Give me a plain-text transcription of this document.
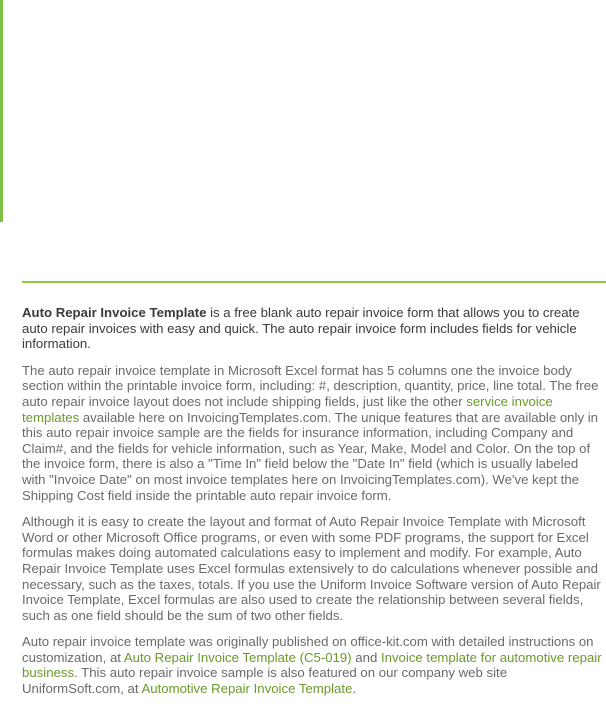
Auto Repair Invoice Template is a free blank auto repair invoice form that allows you to create auto repair invoices with easy and quick. The auto repair invoice form includes fields for vehicle information.

The auto repair invoice template in Microsoft Excel format has 5 columns one the invoice body section within the printable invoice form, including: #, description, quantity, price, line total. The free auto repair invoice layout does not include shipping fields, just like the other service invoice templates available here on InvoicingTemplates.com. The unique features that are available only in this auto repair invoice sample are the fields for insurance information, including Company and Claim#, and the fields for vehicle information, such as Year, Make, Model and Color. On the top of the invoice form, there is also a "Time In" field below the "Date In" field (which is usually labeled with "Invoice Date" on most invoice templates here on InvoicingTemplates.com). We've kept the Shipping Cost field inside the printable auto repair invoice form.

Although it is easy to create the layout and format of Auto Repair Invoice Template with Microsoft Word or other Microsoft Office programs, or even with some PDF programs, the support for Excel formulas makes doing automated calculations easy to implement and modify. For example, Auto Repair Invoice Template uses Excel formulas extensively to do calculations whenever possible and necessary, such as the taxes, totals. If you use the Uniform Invoice Software version of Auto Repair Invoice Template, Excel formulas are also used to create the relationship between several fields, such as one field should be the sum of two other fields.

Auto repair invoice template was originally published on office-kit.com with detailed instructions on customization, at Auto Repair Invoice Template (C5-019) and Invoice template for automotive repair business. This auto repair invoice sample is also featured on our company web site UniformSoft.com, at Automotive Repair Invoice Template.
